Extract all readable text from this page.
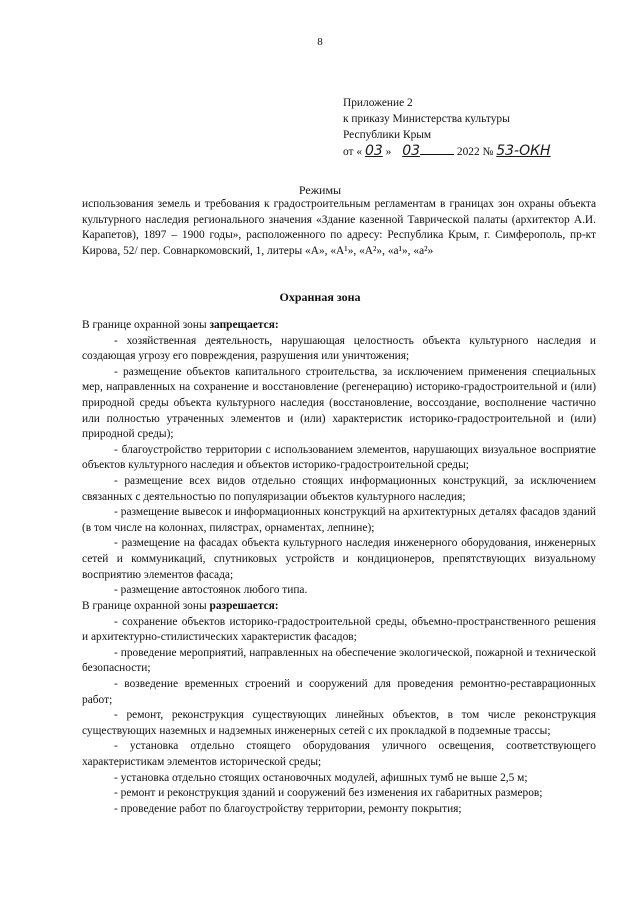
8
Приложение 2
к приказу Министерства культуры
Республики Крым
от « 03 » 03	2022 № 53-ОКН
Режимы
использования земель и требования к градостроительным регламентам в границах зон охраны объекта культурного наследия регионального значения «Здание казенной Таврической палаты (архитектор А.И. Карапетов), 1897 – 1900 годы», расположенного по адресу: Республика Крым, г. Симферополь, пр-кт Кирова, 52/ пер. Совнаркомовский, 1, литеры «А», «А¹», «А²», «а¹», «а²»
Охранная зона

В границе охранной зоны запрещается:

- хозяйственная деятельность, нарушающая целостность объекта культурного наследия и создающая угрозу его повреждения, разрушения или уничтожения;

- размещение объектов капитального строительства, за исключением применения специальных мер, направленных на сохранение и восстановление (регенерацию) историко-градостроительной и (или) природной среды объекта культурного наследия (восстановление, воссоздание, восполнение частично или полностью утраченных элементов и (или) характеристик историко-градостроительной и (или) природной среды);

- благоустройство территории с использованием элементов, нарушающих визуальное восприятие объектов культурного наследия и объектов историко-градостроительной среды;

- размещение всех видов отдельно стоящих информационных конструкций, за исключением связанных с деятельностью по популяризации объектов культурного наследия;

- размещение вывесок и информационных конструкций на архитектурных деталях фасадов зданий (в том числе на колоннах, пилястрах, орнаментах, лепнине);

- размещение на фасадах объекта культурного наследия инженерного оборудования, инженерных сетей и коммуникаций, спутниковых устройств и кондиционеров, препятствующих визуальному восприятию элементов фасада;

- размещение автостоянок любого типа.

В границе охранной зоны разрешается:

- сохранение объектов историко-градостроительной среды, объемно-пространственного решения и архитектурно-стилистических характеристик фасадов;

- проведение мероприятий, направленных на обеспечение экологической, пожарной и технической безопасности;

- возведение временных строений и сооружений для проведения ремонтно-реставрационных работ;

- ремонт, реконструкция существующих линейных объектов, в том числе реконструкция существующих наземных и надземных инженерных сетей с их прокладкой в подземные трассы;

- установка отдельно стоящего оборудования уличного освещения, соответствующего характеристикам элементов исторической среды;

- установка отдельно стоящих остановочных модулей, афишных тумб не выше 2,5 м;

- ремонт и реконструкция зданий и сооружений без изменения их габаритных размеров;

- проведение работ по благоустройству территории, ремонту покрытия;
